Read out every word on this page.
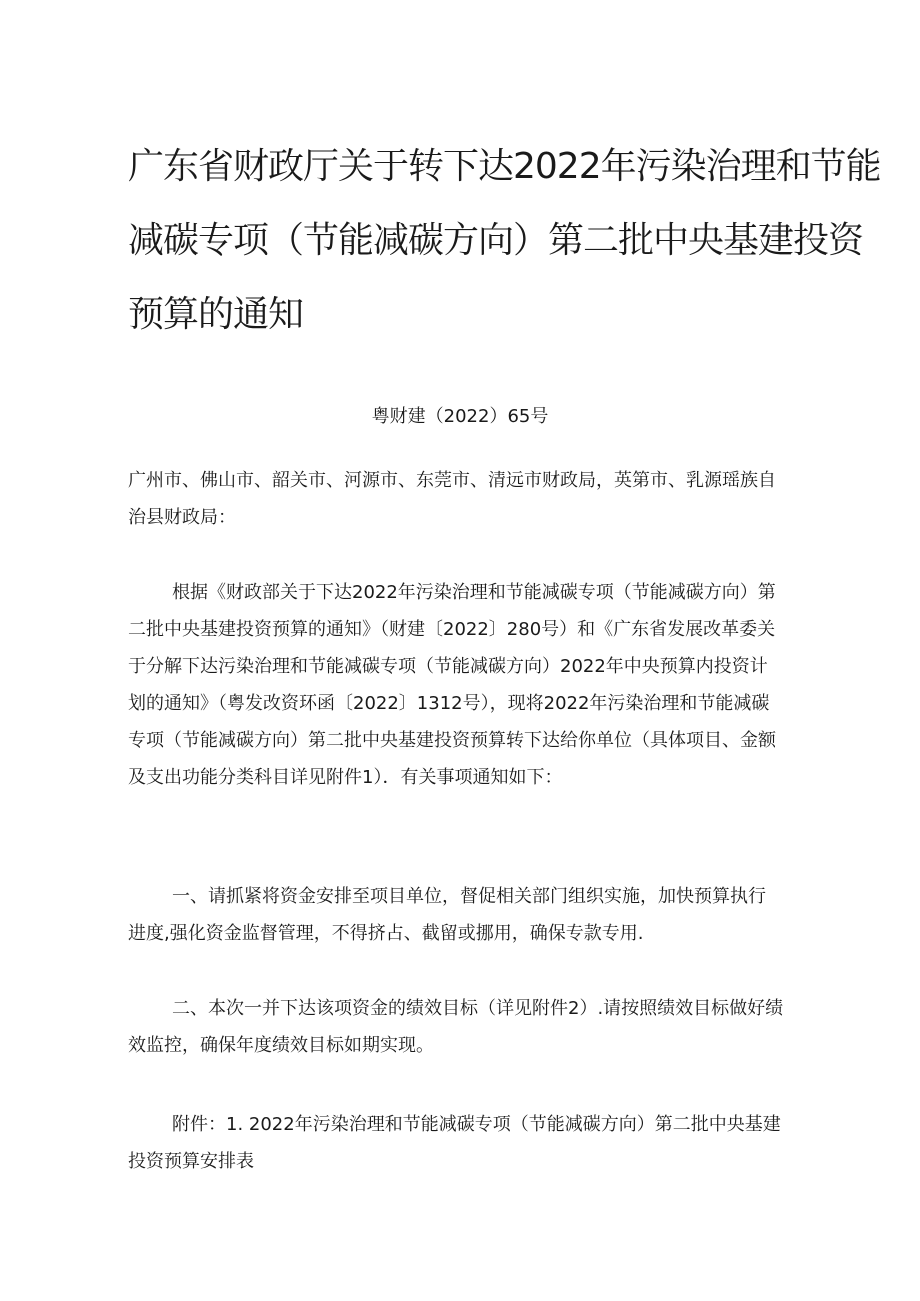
广东省财政厅关于转下达2022年污染治理和节能
减碳专项（节能减碳方向）第二批中央基建投资
预算的通知
粤财建（2022）65号

广州市、佛山市、韶关市、河源市、东莞市、清远市财政局，英第市、乳源瑶族自
治县财政局：

根据《财政部关于下达2022年污染治理和节能减碳专项（节能减碳方向）第
二批中央基建投资预算的通知》（财建〔2022〕280号）和《广东省发展改革委关
于分解下达污染治理和节能减碳专项（节能减碳方向）2022年中央预算内投资计
划的通知》（粤发改资环函〔2022〕1312号），现将2022年污染治理和节能减碳
专项（节能减碳方向）第二批中央基建投资预算转下达给你单位（具体项目、金额
及支出功能分类科目详见附件1）．有关事项通知如下：

一、请抓紧将资金安排至项目单位，督促相关部门组织实施，加快预算执行
进度,强化资金监督管理，不得挤占、截留或挪用，确保专款专用.

二、本次一并下达该项资金的绩效目标（详见附件2）.请按照绩效目标做好绩
效监控，确保年度绩效目标如期实现。

附件：1. 2022年污染治理和节能减碳专项（节能减碳方向）第二批中央基建
投资预算安排表
